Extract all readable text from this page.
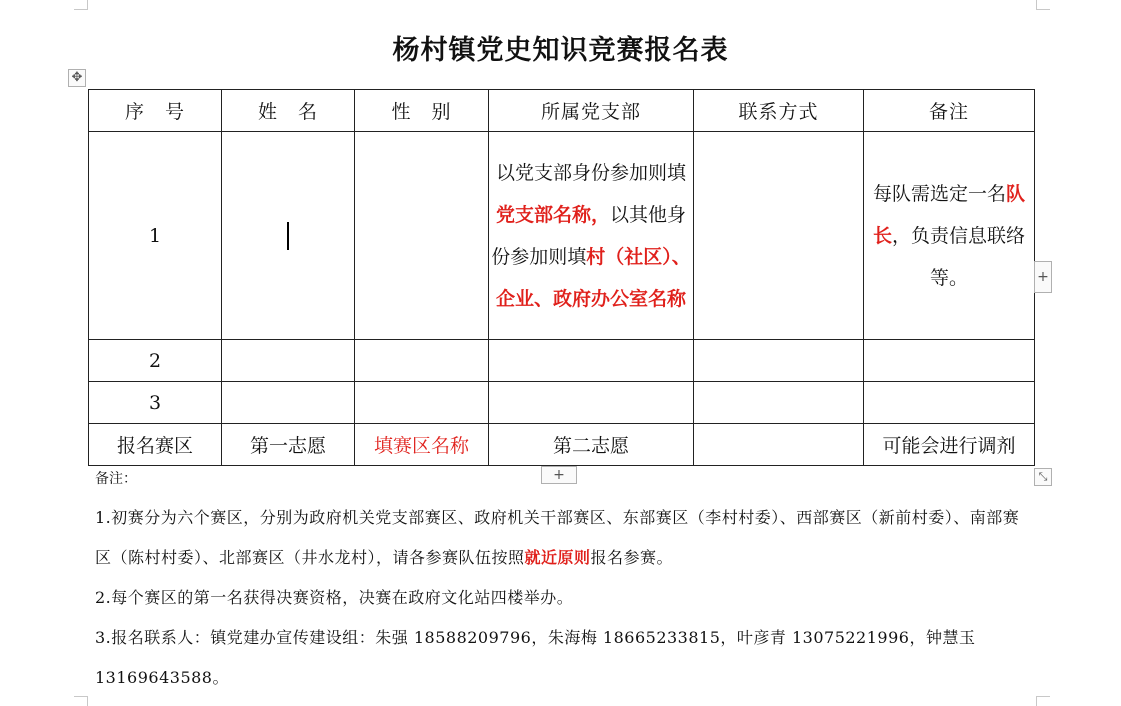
杨村镇党史知识竞赛报名表
✥
序　号	姓　名	性　别	所属党支部	联系方式	备注
1			以党支部身份参加则填党支部名称，以其他身份参加则填村（社区）、企业、政府办公室名称		每队需选定一名队长，负责信息联络等。
2					
3					
报名赛区	第一志愿	填赛区名称	第二志愿		可能会进行调剂
+
+	⤡
备注：

1.初赛分为六个赛区，分别为政府机关党支部赛区、政府机关干部赛区、东部赛区（李村村委）、西部赛区（新前村委）、南部赛区（陈村村委）、北部赛区（井水龙村），请各参赛队伍按照就近原则报名参赛。

2.每个赛区的第一名获得决赛资格，决赛在政府文化站四楼举办。

3.报名联系人：镇党建办宣传建设组：朱强 18588209796，朱海梅 18665233815，叶彦青 13075221996，钟慧玉 13169643588。
